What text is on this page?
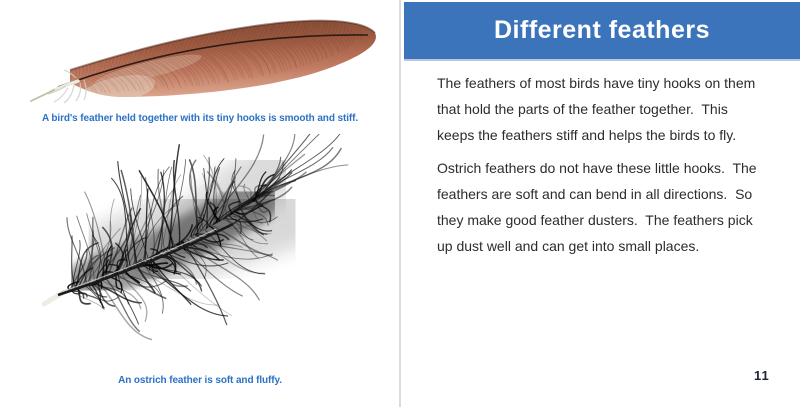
A bird's feather held together with its tiny hooks is smooth and stiff.
An ostrich feather is soft and fluffy.
Different feathers
The feathers of most birds have tiny hooks on them
that hold the parts of the feather together.  This
keeps the feathers stiff and helps the birds to fly.
Ostrich feathers do not have these little hooks.  The
feathers are soft and can bend in all directions.  So
they make good feather dusters.  The feathers pick
up dust well and can get into small places.
11
